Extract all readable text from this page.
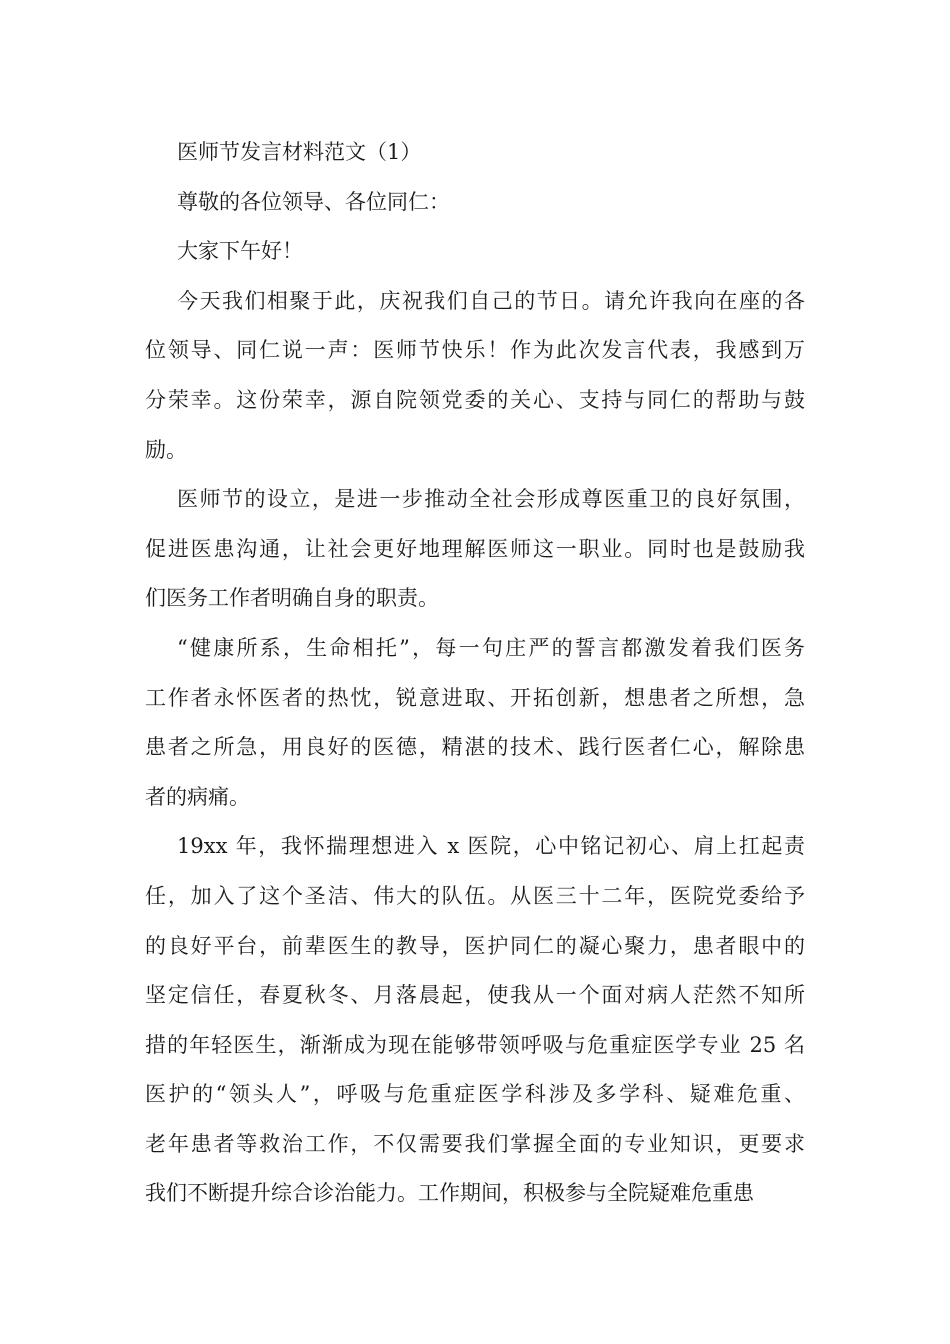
医师节发言材料范文（1）
尊敬的各位领导、各位同仁：
大家下午好！
今天我们相聚于此，庆祝我们自己的节日。请允许我向在座的各
位领导、同仁说一声：医师节快乐！作为此次发言代表，我感到万
分荣幸。这份荣幸，源自院领党委的关心、支持与同仁的帮助与鼓
励。
医师节的设立，是进一步推动全社会形成尊医重卫的良好氛围，
促进医患沟通，让社会更好地理解医师这一职业。同时也是鼓励我
们医务工作者明确自身的职责。
“健康所系，生命相托”，每一句庄严的誓言都激发着我们医务
工作者永怀医者的热忱，锐意进取、开拓创新，想患者之所想，急
患者之所急，用良好的医德，精湛的技术、践行医者仁心，解除患
者的病痛。
19xx 年，我怀揣理想进入 x 医院，心中铭记初心、肩上扛起责
任，加入了这个圣洁、伟大的队伍。从医三十二年，医院党委给予
的良好平台，前辈医生的教导，医护同仁的凝心聚力，患者眼中的
坚定信任，春夏秋冬、月落晨起，使我从一个面对病人茫然不知所
措的年轻医生，渐渐成为现在能够带领呼吸与危重症医学专业 25 名
医护的“领头人”，呼吸与危重症医学科涉及多学科、疑难危重、
老年患者等救治工作，不仅需要我们掌握全面的专业知识，更要求
我们不断提升综合诊治能力。工作期间，积极参与全院疑难危重患
